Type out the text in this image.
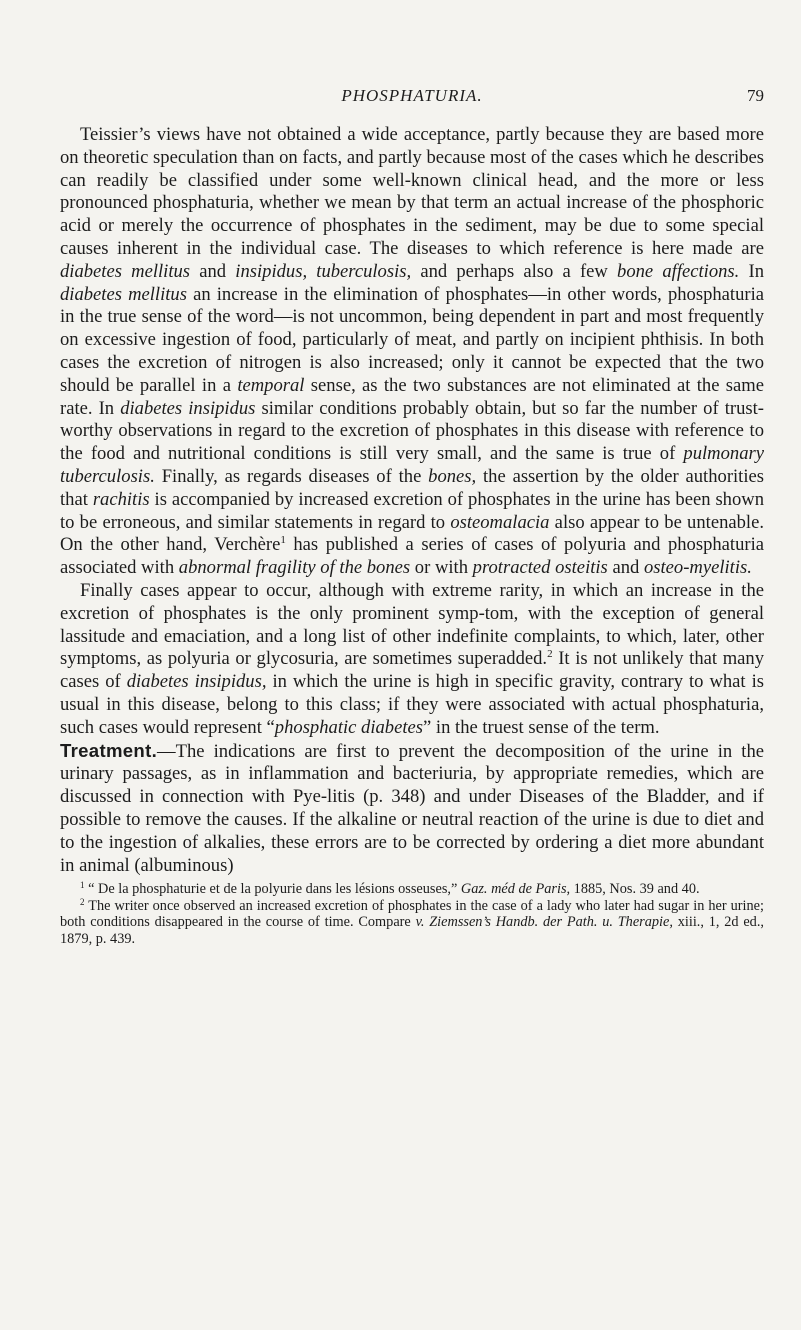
PHOSPHATURIA.	79

Teissier’s views have not obtained a wide acceptance, partly because they are based more on theoretic speculation than on facts, and partly because most of the cases which he describes can readily be classified under some well-known clinical head, and the more or less pronounced phosphaturia, whether we mean by that term an actual increase of the phosphoric acid or merely the occurrence of phosphates in the sediment, may be due to some special causes inherent in the individual case. The diseases to which reference is here made are diabetes mellitus and insipidus, tuberculosis, and perhaps also a few bone affections. In diabetes mellitus an increase in the elimination of phosphates—in other words, phosphaturia in the true sense of the word—is not uncommon, being dependent in part and most frequently on excessive ingestion of food, particularly of meat, and partly on incipient phthisis. In both cases the excretion of nitrogen is also increased; only it cannot be expected that the two should be parallel in a temporal sense, as the two substances are not eliminated at the same rate. In diabetes insipidus similar conditions probably obtain, but so far the number of trust-worthy observations in regard to the excretion of phosphates in this disease with reference to the food and nutritional conditions is still very small, and the same is true of pulmonary tuberculosis. Finally, as regards diseases of the bones, the assertion by the older authorities that rachitis is accompanied by increased excretion of phosphates in the urine has been shown to be erroneous, and similar statements in regard to osteomalacia also appear to be untenable. On the other hand, Verchère$^1$ has published a series of cases of polyuria and phosphaturia associated with abnormal fragility of the bones or with protracted osteitis and osteo-myelitis.

Finally cases appear to occur, although with extreme rarity, in which an increase in the excretion of phosphates is the only prominent symp-tom, with the exception of general lassitude and emaciation, and a long list of other indefinite complaints, to which, later, other symptoms, as polyuria or glycosuria, are sometimes superadded.$^2$ It is not unlikely that many cases of diabetes insipidus, in which the urine is high in specific gravity, contrary to what is usual in this disease, belong to this class; if they were associated with actual phosphaturia, such cases would represent “phosphatic diabetes” in the truest sense of the term.

Treatment.—The indications are first to prevent the decomposition of the urine in the urinary passages, as in inflammation and bacteriuria, by appropriate remedies, which are discussed in connection with Pye-litis (p. 348) and under Diseases of the Bladder, and if possible to remove the causes. If the alkaline or neutral reaction of the urine is due to diet and to the ingestion of alkalies, these errors are to be corrected by ordering a diet more abundant in animal (albuminous)

$^1$ “ De la phosphaturie et de la polyurie dans les lésions osseuses,” Gaz. méd de Paris, 1885, Nos. 39 and 40.

$^2$ The writer once observed an increased excretion of phosphates in the case of a lady who later had sugar in her urine; both conditions disappeared in the course of time. Compare v. Ziemssen’s Handb. der Path. u. Therapie, xiii., 1, 2d ed., 1879, p. 439.
